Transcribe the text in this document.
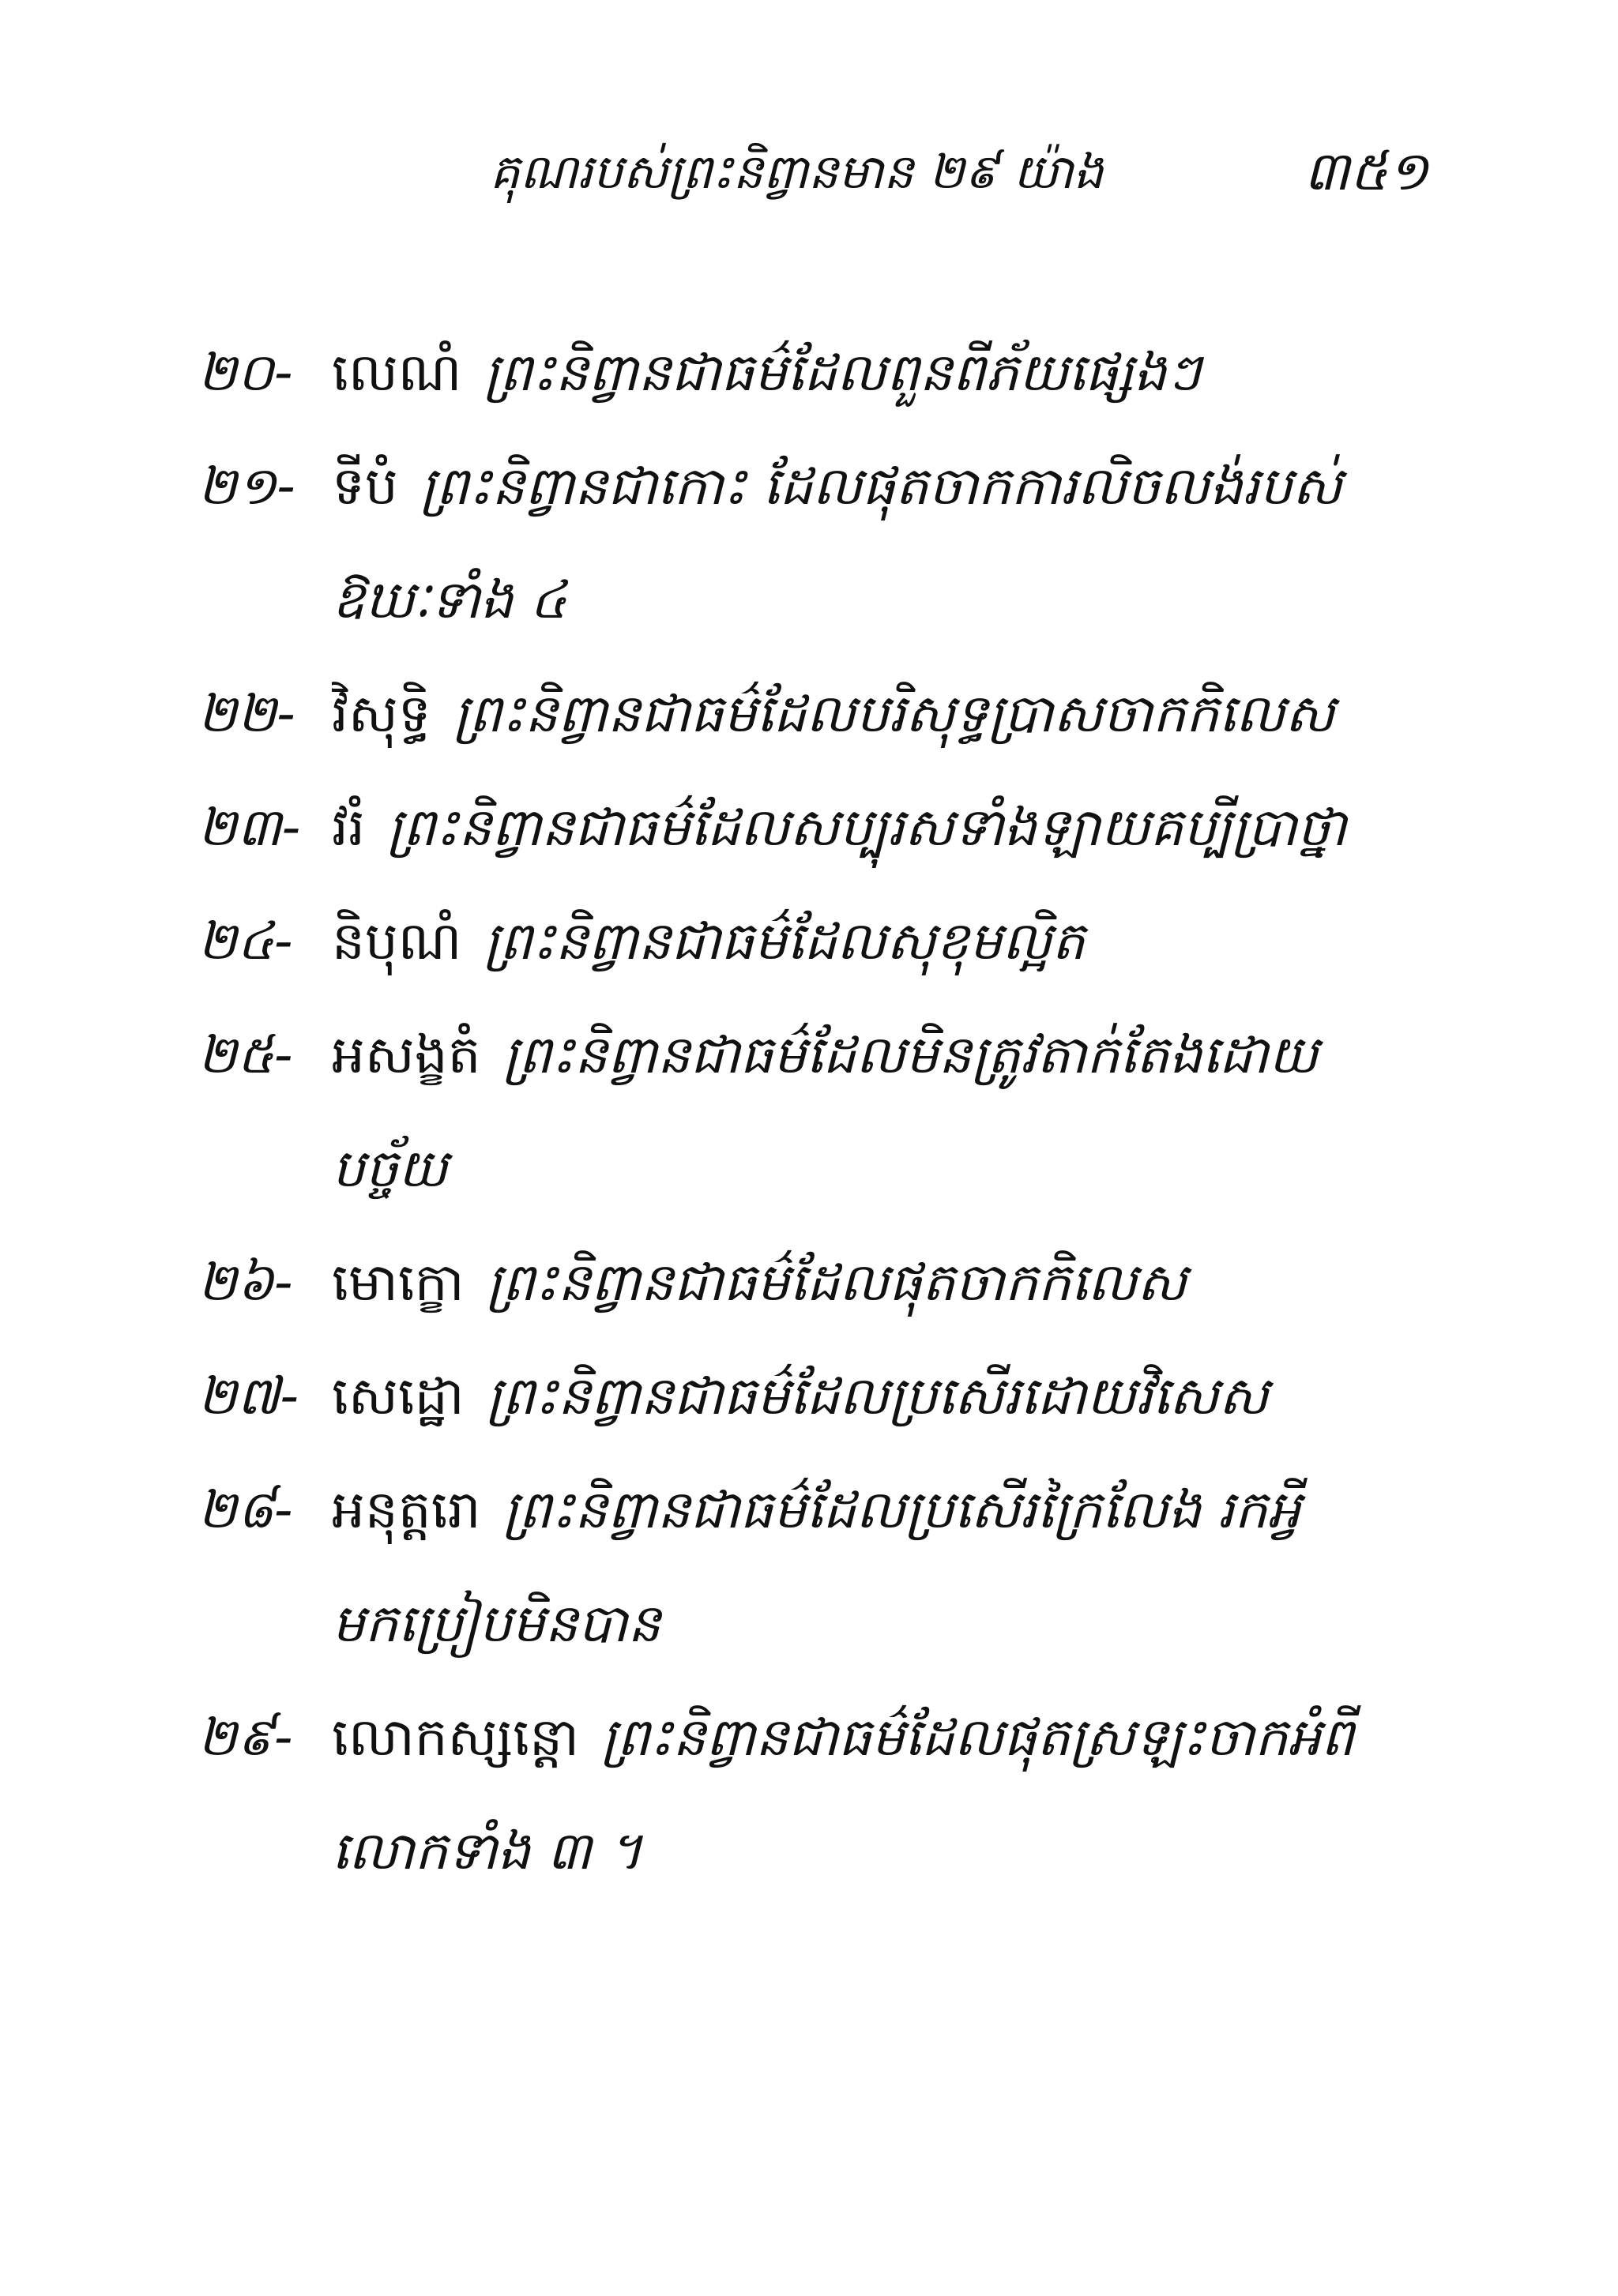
គុណរបស់ព្រះនិព្វានមាន ២៩ យ៉ាង	៣៥១
២០- លេណំ ព្រះនិព្វានជាធម៌ដែលពួនពីភ័យផ្សេងៗ
២១- ទីបំ ព្រះនិព្វានជាកោះ ដែលផុតចាកការលិចលង់របស់
ឱឃៈទាំង ៤
២២- វិសុទ្ធិ ព្រះនិព្វានជាធម៌ដែលបរិសុទ្ធប្រាសចាកកិលេស
២៣- វរំ ព្រះនិព្វានជាធម៌ដែលសប្បុរសទាំងឡាយគប្បីប្រាថ្នា
២៤- និបុណំ ព្រះនិព្វានជាធម៌ដែលសុខុមល្អិត
២៥- អសង្ខតំ ព្រះនិព្វានជាធម៌ដែលមិនត្រូវតាក់តែងដោយ
បច្ច័យ
២៦- មោក្ខោ ព្រះនិព្វានជាធម៌ដែលផុតចាកកិលេស
២៧- សេដ្ឋោ ព្រះនិព្វានជាធម៌ដែលប្រសើរដោយវិសេស
២៨- អនុត្តរោ ព្រះនិព្វានជាធម៌ដែលប្រសើរក្រៃលែង រកអ្វី
មកប្រៀបមិនបាន
២៩- លោកស្សន្តោ ព្រះនិព្វានជាធម៌ដែលផុតស្រឡះចាកអំពី
លោកទាំង ៣ ។
